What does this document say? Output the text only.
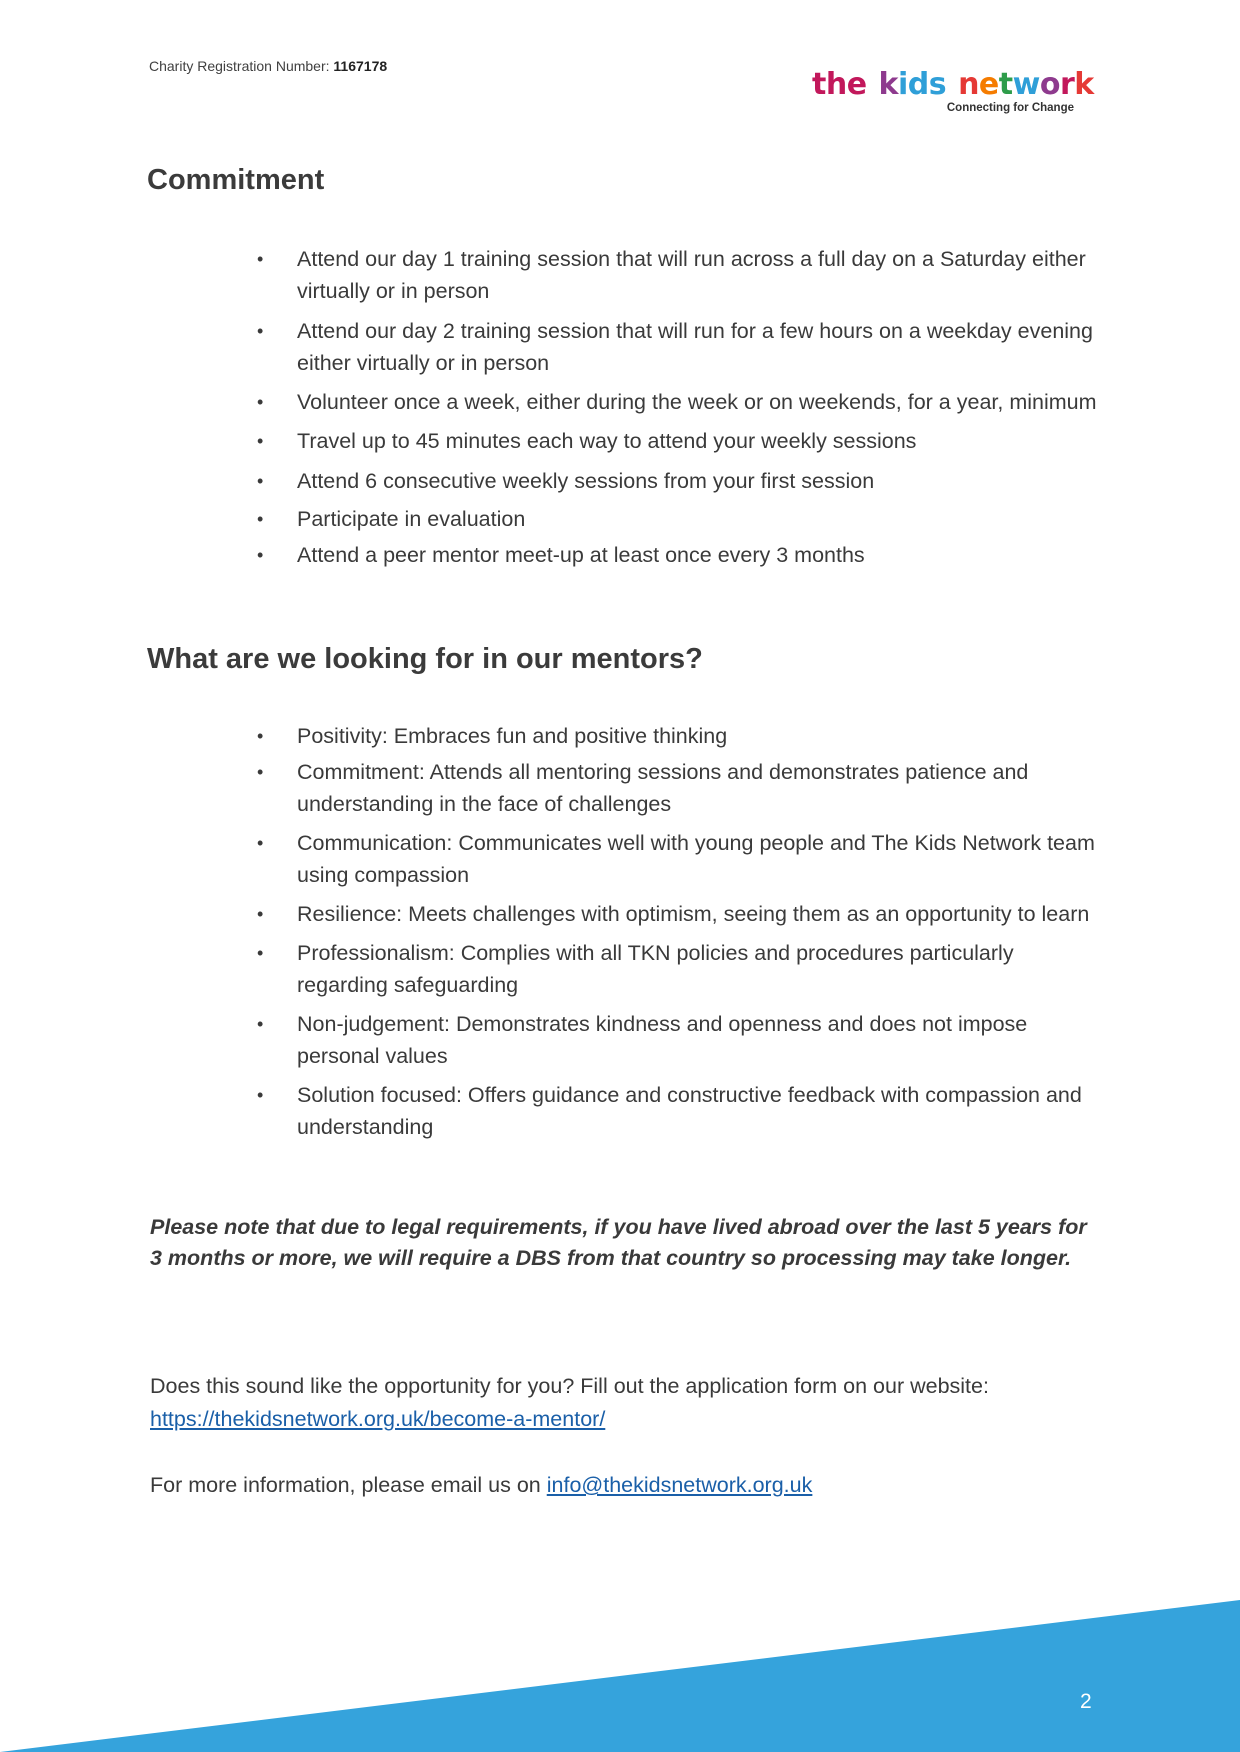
Charity Registration Number: 1167178
the kids network
Connecting for Change
Commitment
• Attend our day 1 training session that will run across a full day on a Saturday either virtually or in person
• Attend our day 2 training session that will run for a few hours on a weekday evening either virtually or in person
• Volunteer once a week, either during the week or on weekends, for a year, minimum
• Travel up to 45 minutes each way to attend your weekly sessions
• Attend 6 consecutive weekly sessions from your first session
• Participate in evaluation
• Attend a peer mentor meet-up at least once every 3 months
What are we looking for in our mentors?
• Positivity: Embraces fun and positive thinking
• Commitment: Attends all mentoring sessions and demonstrates patience and understanding in the face of challenges
• Communication: Communicates well with young people and The Kids Network team using compassion
• Resilience: Meets challenges with optimism, seeing them as an opportunity to learn
• Professionalism: Complies with all TKN policies and procedures particularly regarding safeguarding
• Non-judgement: Demonstrates kindness and openness and does not impose personal values
• Solution focused: Offers guidance and constructive feedback with compassion and understanding
Please note that due to legal requirements, if you have lived abroad over the last 5 years for 3 months or more, we will require a DBS from that country so processing may take longer.
Does this sound like the opportunity for you? Fill out the application form on our website:
https://thekidsnetwork.org.uk/become-a-mentor/
For more information, please email us on info@thekidsnetwork.org.uk
2
